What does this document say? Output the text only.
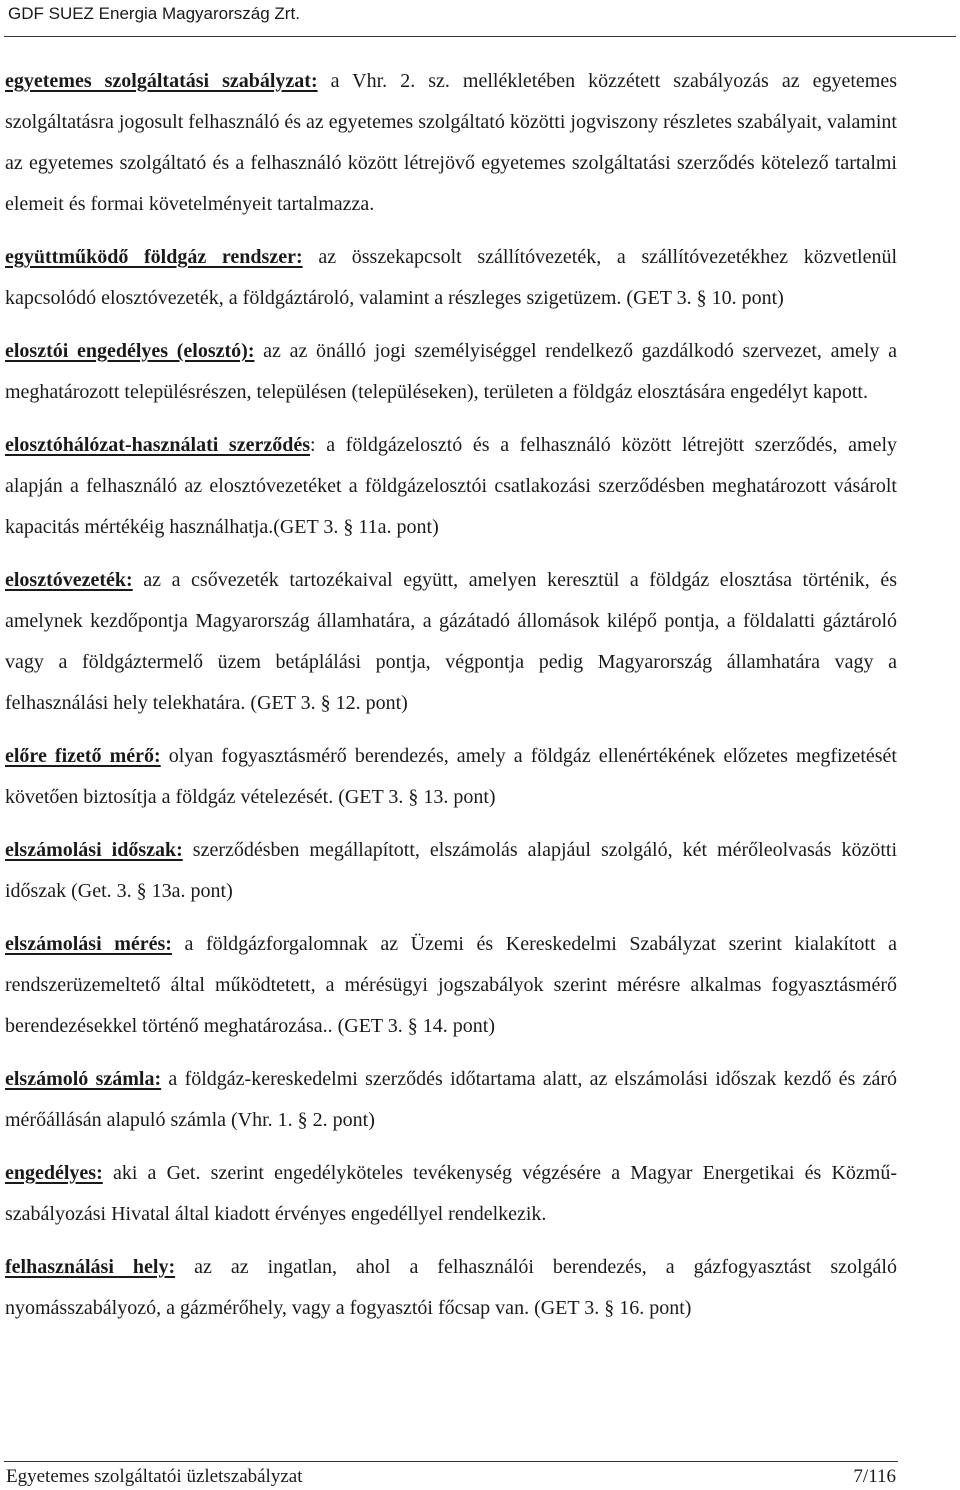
GDF SUEZ Energia Magyarország Zrt.

egyetemes szolgáltatási szabályzat: a Vhr. 2. sz. mellékletében közzétett szabályozás az egyetemes szolgáltatásra jogosult felhasználó és az egyetemes szolgáltató közötti jogviszony részletes szabályait, valamint az egyetemes szolgáltató és a felhasználó között létrejövő egyetemes szolgáltatási szerződés kötelező tartalmi elemeit és formai követelményeit tartalmazza.

együttműködő földgáz rendszer: az összekapcsolt szállítóvezeték, a szállítóvezetékhez közvetlenül kapcsolódó elosztóvezeték, a földgáztároló, valamint a részleges szigetüzem. (GET 3. § 10. pont)

elosztói engedélyes (elosztó): az az önálló jogi személyiséggel rendelkező gazdálkodó szervezet, amely a meghatározott településrészen, településen (településeken), területen a földgáz elosztására engedélyt kapott.

elosztóhálózat-használati szerződés: a földgázelosztó és a felhasználó között létrejött szerződés, amely alapján a felhasználó az elosztóvezetéket a földgázelosztói csatlakozási szerződésben meghatározott vásárolt kapacitás mértékéig használhatja.(GET 3. § 11a. pont)

elosztóvezeték: az a csővezeték tartozékaival együtt, amelyen keresztül a földgáz elosztása történik, és amelynek kezdőpontja Magyarország államhatára, a gázátadó állomások kilépő pontja, a földalatti gáztároló vagy a földgáztermelő üzem betáplálási pontja, végpontja pedig Magyarország államhatára vagy a felhasználási hely telekhatára. (GET 3. § 12. pont)

előre fizető mérő: olyan fogyasztásmérő berendezés, amely a földgáz ellenértékének előzetes megfizetését követően biztosítja a földgáz vételezését. (GET 3. § 13. pont)

elszámolási időszak: szerződésben megállapított, elszámolás alapjául szolgáló, két mérőleolvasás közötti időszak (Get. 3. § 13a. pont)

elszámolási mérés: a földgázforgalomnak az Üzemi és Kereskedelmi Szabályzat szerint kialakított a rendszerüzemeltető által működtetett, a mérésügyi jogszabályok szerint mérésre alkalmas fogyasztásmérő berendezésekkel történő meghatározása.. (GET 3. § 14. pont)

elszámoló számla: a földgáz-kereskedelmi szerződés időtartama alatt, az elszámolási időszak kezdő és záró mérőállásán alapuló számla (Vhr. 1. § 2. pont)

engedélyes: aki a Get. szerint engedélyköteles tevékenység végzésére a Magyar Energetikai és Közmű-szabályozási Hivatal által kiadott érvényes engedéllyel rendelkezik.

felhasználási hely: az az ingatlan, ahol a felhasználói berendezés, a gázfogyasztást szolgáló nyomásszabályozó, a gázmérőhely, vagy a fogyasztói főcsap van. (GET 3. § 16. pont)

Egyetemes szolgáltatói üzletszabályzat	7/116
